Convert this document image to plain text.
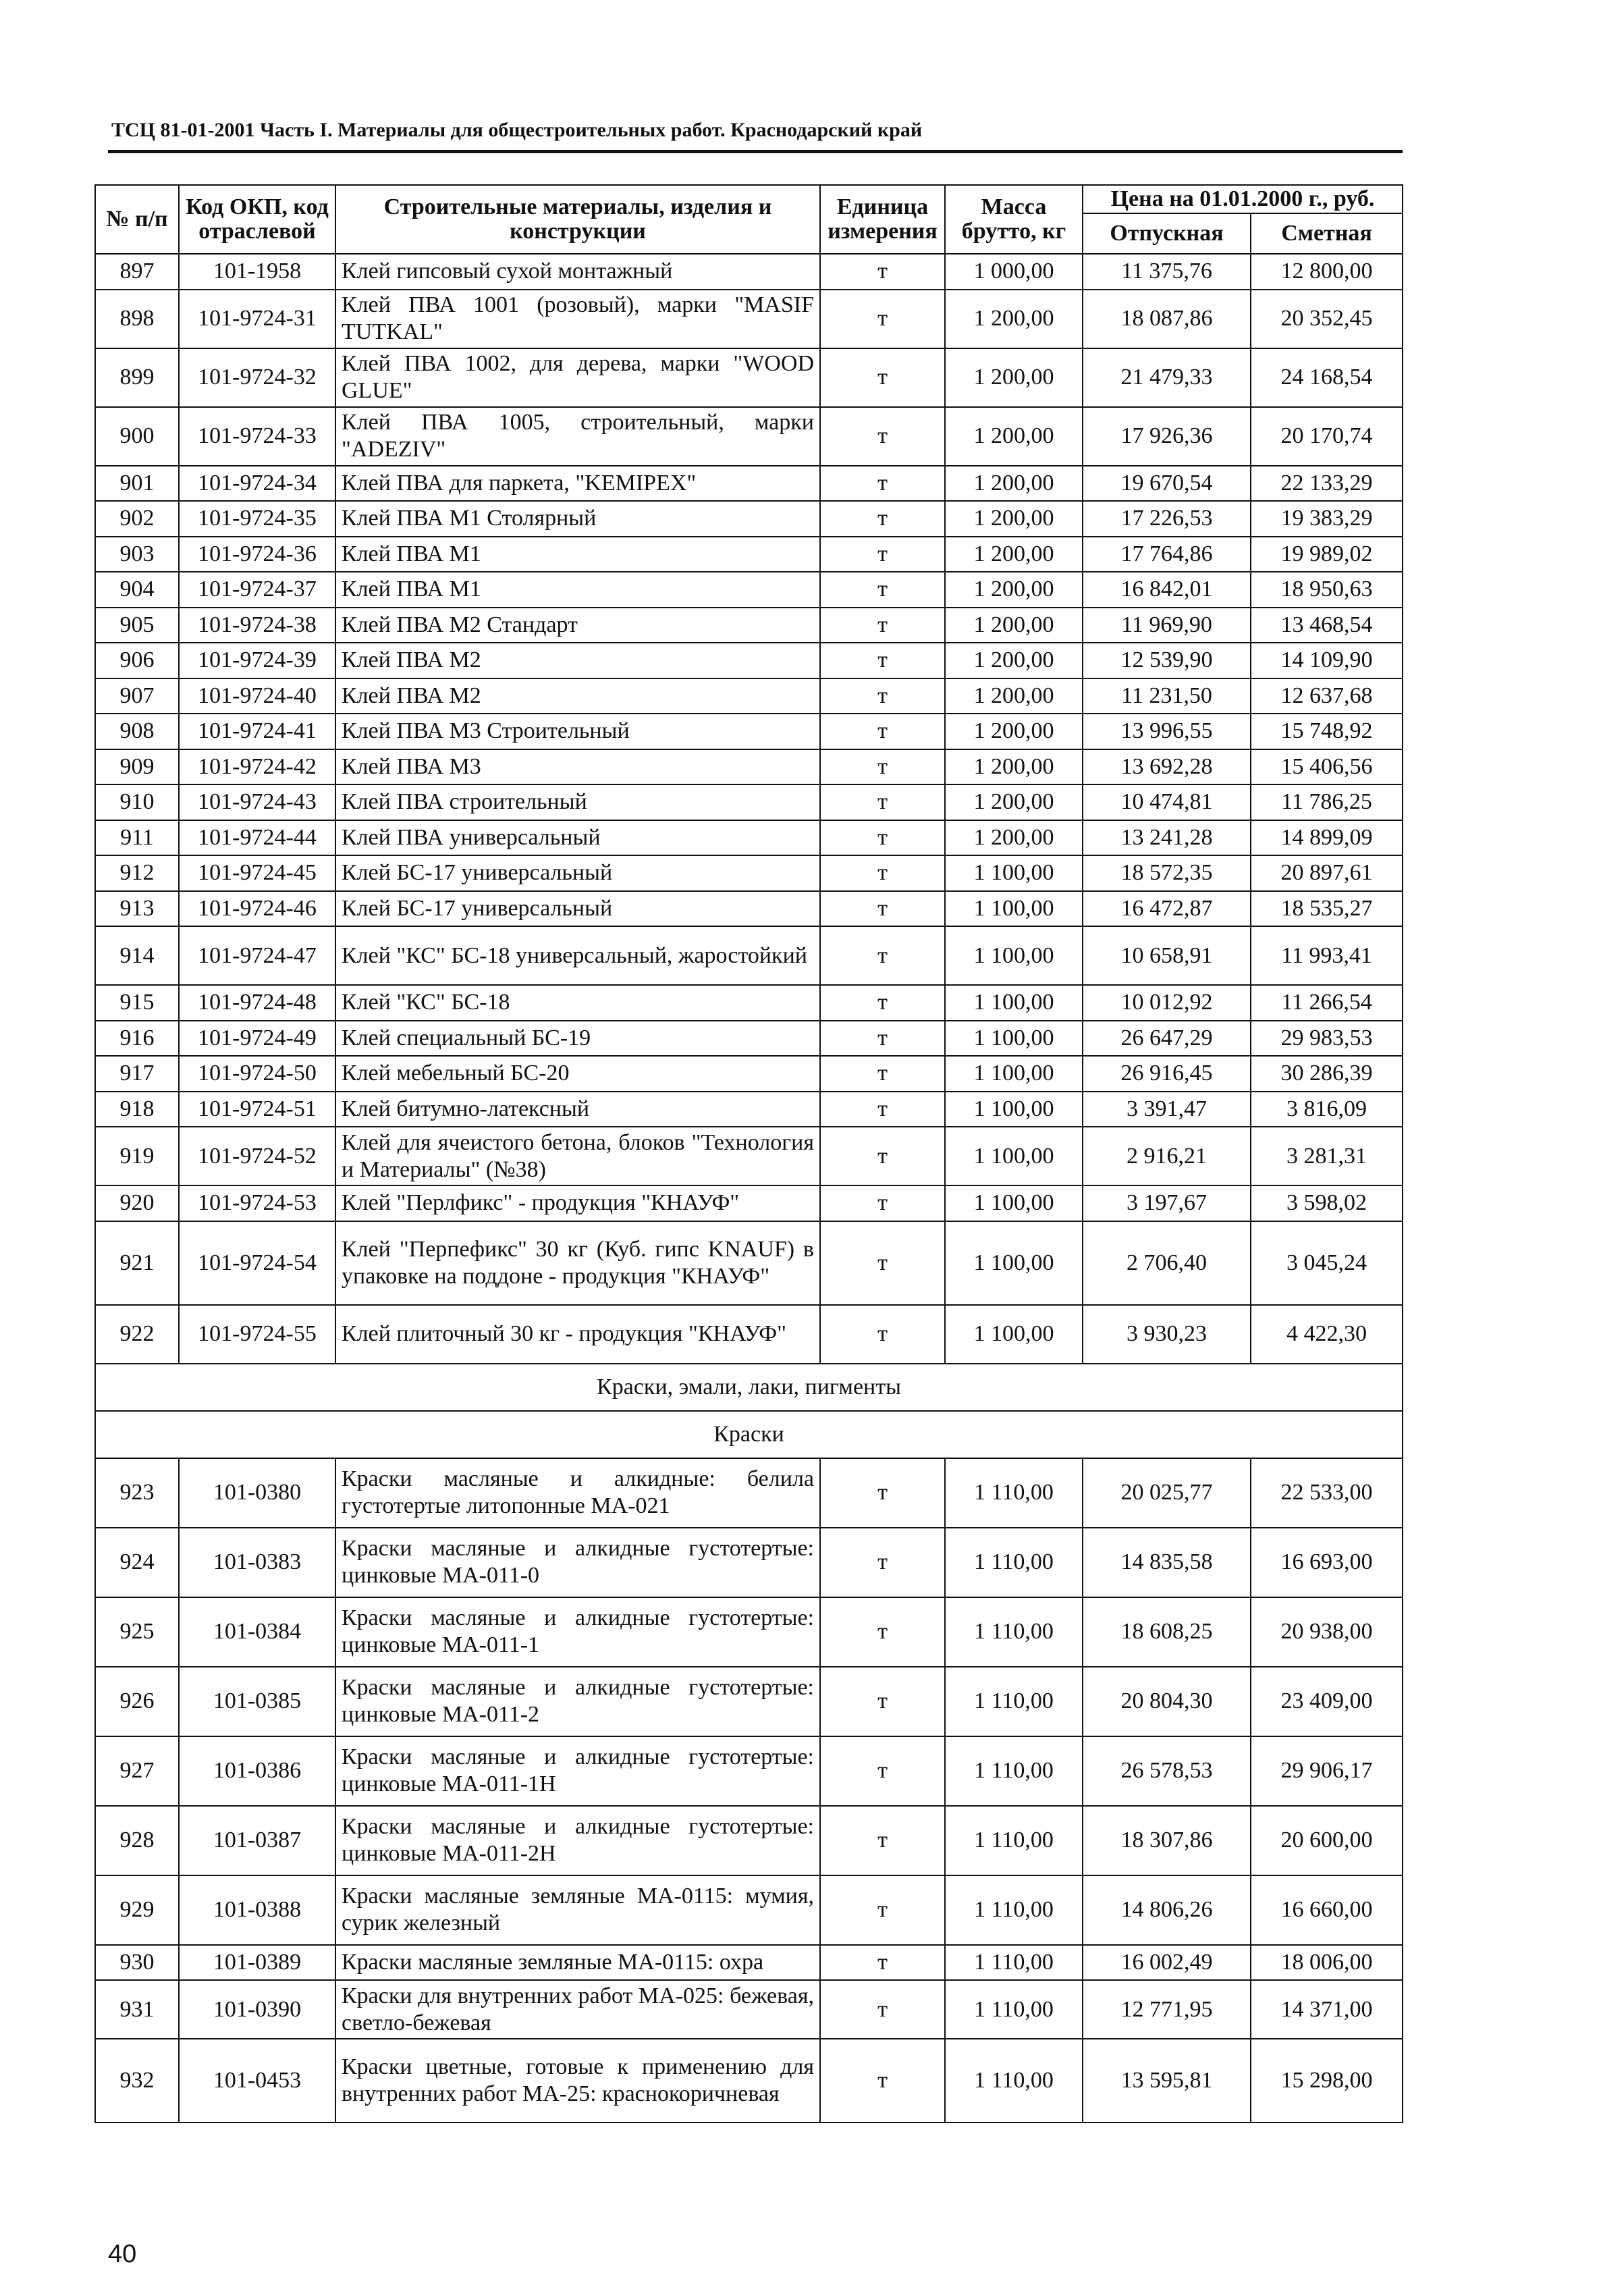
ТСЦ 81-01-2001 Часть I. Материалы для общестроительных работ. Краснодарский край
№ п/п	Код ОКП, код отраслевой	Строительные материалы, изделия и конструкции	Единица измерения	Масса брутто, кг	Цена на 01.01.2000 г., руб.	
					Отпускная	Сметная
897	101-1958	Клей гипсовый сухой монтажный	т	1 000,00	11 375,76	12 800,00
898	101-9724-31	Клей ПВА 1001 (розовый), марки "MASIF TUTKAL"	т	1 200,00	18 087,86	20 352,45
899	101-9724-32	Клей ПВА 1002, для дерева, марки "WOOD GLUE"	т	1 200,00	21 479,33	24 168,54
900	101-9724-33	Клей ПВА 1005, строительный, марки "ADEZIV"	т	1 200,00	17 926,36	20 170,74
901	101-9724-34	Клей ПВА для паркета, "KEMIPEX"	т	1 200,00	19 670,54	22 133,29
902	101-9724-35	Клей ПВА М1 Столярный	т	1 200,00	17 226,53	19 383,29
903	101-9724-36	Клей ПВА М1	т	1 200,00	17 764,86	19 989,02
904	101-9724-37	Клей ПВА М1	т	1 200,00	16 842,01	18 950,63
905	101-9724-38	Клей ПВА М2 Стандарт	т	1 200,00	11 969,90	13 468,54
906	101-9724-39	Клей ПВА М2	т	1 200,00	12 539,90	14 109,90
907	101-9724-40	Клей ПВА М2	т	1 200,00	11 231,50	12 637,68
908	101-9724-41	Клей ПВА М3 Строительный	т	1 200,00	13 996,55	15 748,92
909	101-9724-42	Клей ПВА М3	т	1 200,00	13 692,28	15 406,56
910	101-9724-43	Клей ПВА строительный	т	1 200,00	10 474,81	11 786,25
911	101-9724-44	Клей ПВА универсальный	т	1 200,00	13 241,28	14 899,09
912	101-9724-45	Клей БС-17 универсальный	т	1 100,00	18 572,35	20 897,61
913	101-9724-46	Клей БС-17 универсальный	т	1 100,00	16 472,87	18 535,27
914	101-9724-47	Клей "КС" БС-18 универсальный, жаростойкий	т	1 100,00	10 658,91	11 993,41
915	101-9724-48	Клей "КС" БС-18	т	1 100,00	10 012,92	11 266,54
916	101-9724-49	Клей специальный БС-19	т	1 100,00	26 647,29	29 983,53
917	101-9724-50	Клей мебельный БС-20	т	1 100,00	26 916,45	30 286,39
918	101-9724-51	Клей битумно-латексный	т	1 100,00	3 391,47	3 816,09
919	101-9724-52	Клей для ячеистого бетона, блоков "Технология и Материалы" (№38)	т	1 100,00	2 916,21	3 281,31
920	101-9724-53	Клей "Перлфикс" - продукция "КНАУФ"	т	1 100,00	3 197,67	3 598,02
921	101-9724-54	Клей "Перпефикс" 30 кг (Куб. гипс KNAUF) в упаковке на поддоне - продукция "КНАУФ"	т	1 100,00	2 706,40	3 045,24
922	101-9724-55	Клей плиточный 30 кг - продукция "КНАУФ"	т	1 100,00	3 930,23	4 422,30
Краски, эмали, лаки, пигменты						
Краски						
923	101-0380	Краски масляные и алкидные: белила густотертые литопонные МА-021	т	1 110,00	20 025,77	22 533,00
924	101-0383	Краски масляные и алкидные густотертые: цинковые МА-011-0	т	1 110,00	14 835,58	16 693,00
925	101-0384	Краски масляные и алкидные густотертые: цинковые МА-011-1	т	1 110,00	18 608,25	20 938,00
926	101-0385	Краски масляные и алкидные густотертые: цинковые МА-011-2	т	1 110,00	20 804,30	23 409,00
927	101-0386	Краски масляные и алкидные густотертые: цинковые МА-011-1Н	т	1 110,00	26 578,53	29 906,17
928	101-0387	Краски масляные и алкидные густотертые: цинковые МА-011-2Н	т	1 110,00	18 307,86	20 600,00
929	101-0388	Краски масляные земляные МА-0115: мумия, сурик железный	т	1 110,00	14 806,26	16 660,00
930	101-0389	Краски масляные земляные МА-0115: охра	т	1 110,00	16 002,49	18 006,00
931	101-0390	Краски для внутренних работ МА-025: бежевая, светло-бежевая	т	1 110,00	12 771,95	14 371,00
932	101-0453	Краски цветные, готовые к применению для внутренних работ МА-25: краснокоричневая	т	1 110,00	13 595,81	15 298,00
40
